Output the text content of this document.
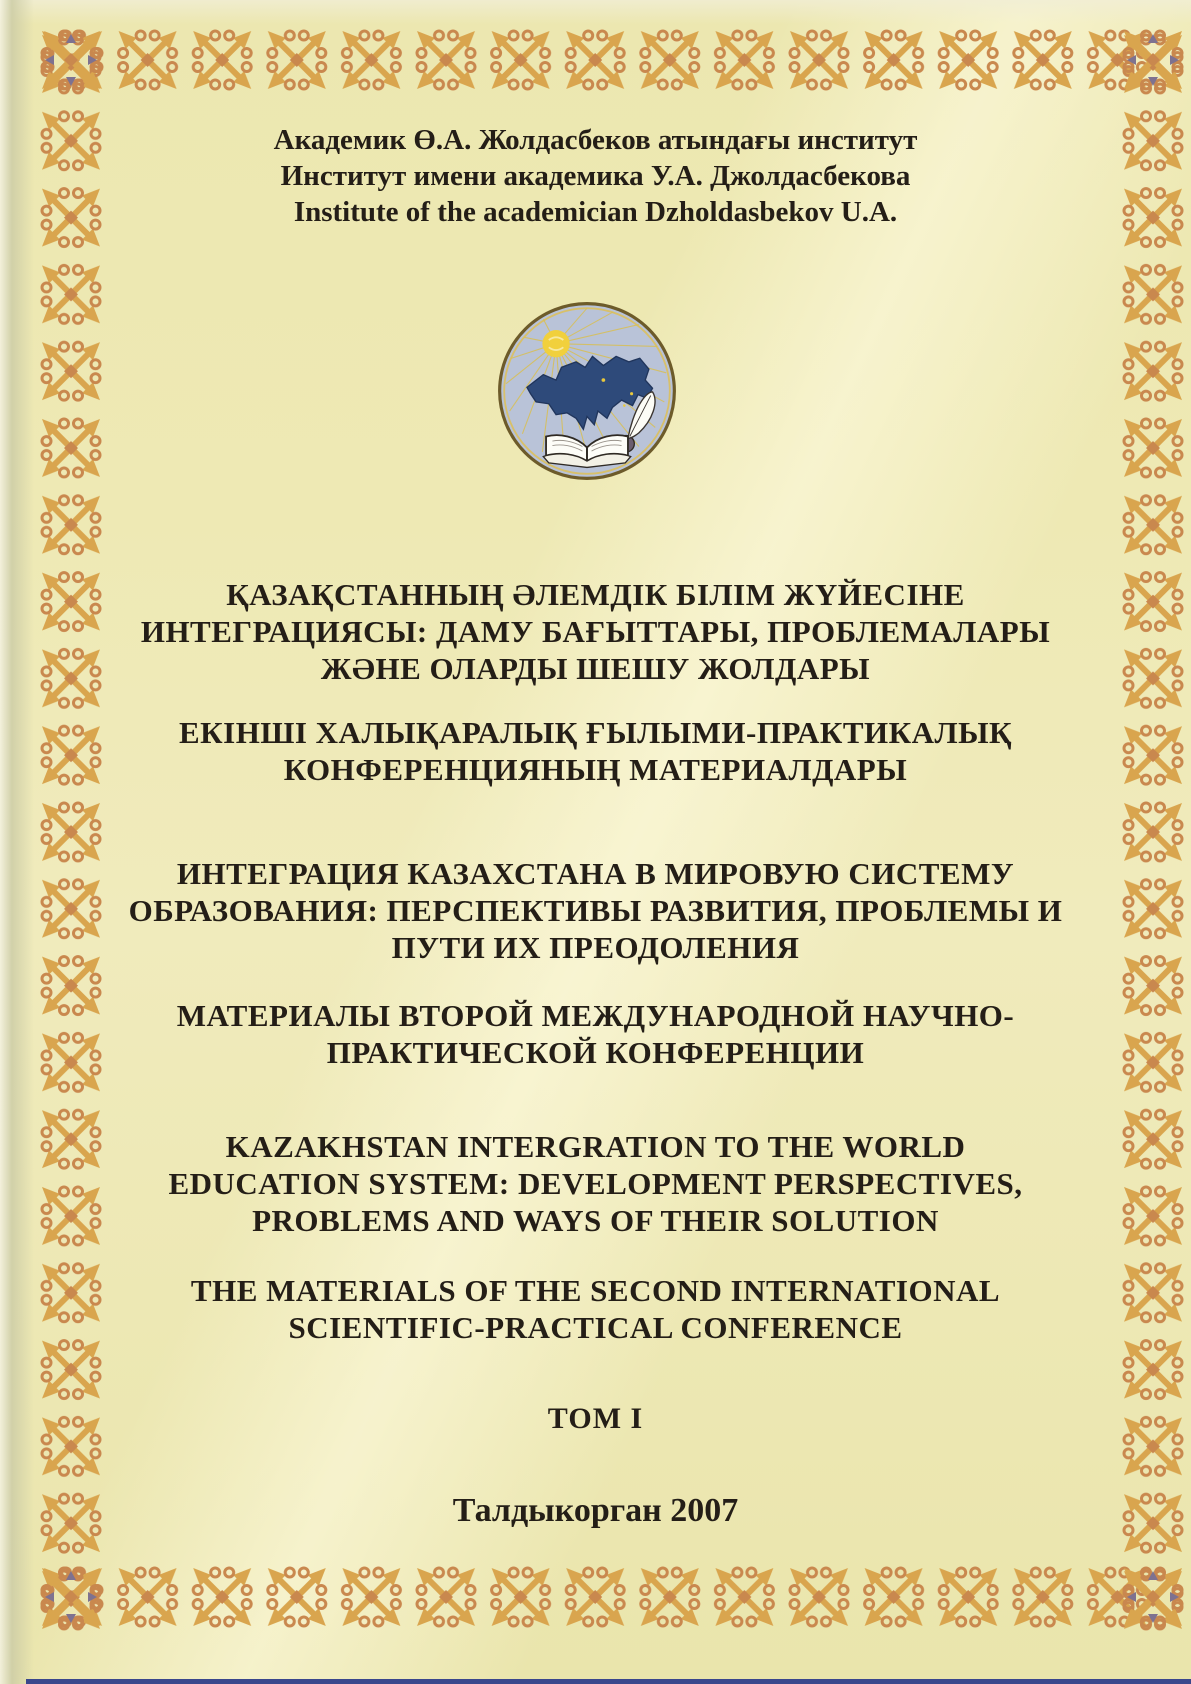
Академик Ө.А. Жолдасбеков атындағы институт
Институт имени академика У.А. Джолдасбекова
Institute of the academician Dzholdasbekov U.A.
ҚАЗАҚСТАННЫҢ ӘЛЕМДІК БІЛІМ ЖҮЙЕСІНЕ
ИНТЕГРАЦИЯСЫ: ДАМУ БАҒЫТТАРЫ, ПРОБЛЕМАЛАРЫ
ЖӘНЕ ОЛАРДЫ ШЕШУ ЖОЛДАРЫ
ЕКІНШІ ХАЛЫҚАРАЛЫҚ ҒЫЛЫМИ-ПРАКТИКАЛЫҚ
КОНФЕРЕНЦИЯНЫҢ МАТЕРИАЛДАРЫ
ИНТЕГРАЦИЯ КАЗАХСТАНА В МИРОВУЮ СИСТЕМУ
ОБРАЗОВАНИЯ: ПЕРСПЕКТИВЫ РАЗВИТИЯ, ПРОБЛЕМЫ И
ПУТИ ИХ ПРЕОДОЛЕНИЯ
МАТЕРИАЛЫ ВТОРОЙ МЕЖДУНАРОДНОЙ НАУЧНО-
ПРАКТИЧЕСКОЙ КОНФЕРЕНЦИИ
KAZAKHSTAN INTERGRATION TO THE WORLD
EDUCATION SYSTEM: DEVELOPMENT PERSPECTIVES,
PROBLEMS AND WAYS OF THEIR SOLUTION
THE MATERIALS OF THE SECOND INTERNATIONAL
SCIENTIFIC-PRACTICAL CONFERENCE
ТОМ I
Талдыкорган 2007
